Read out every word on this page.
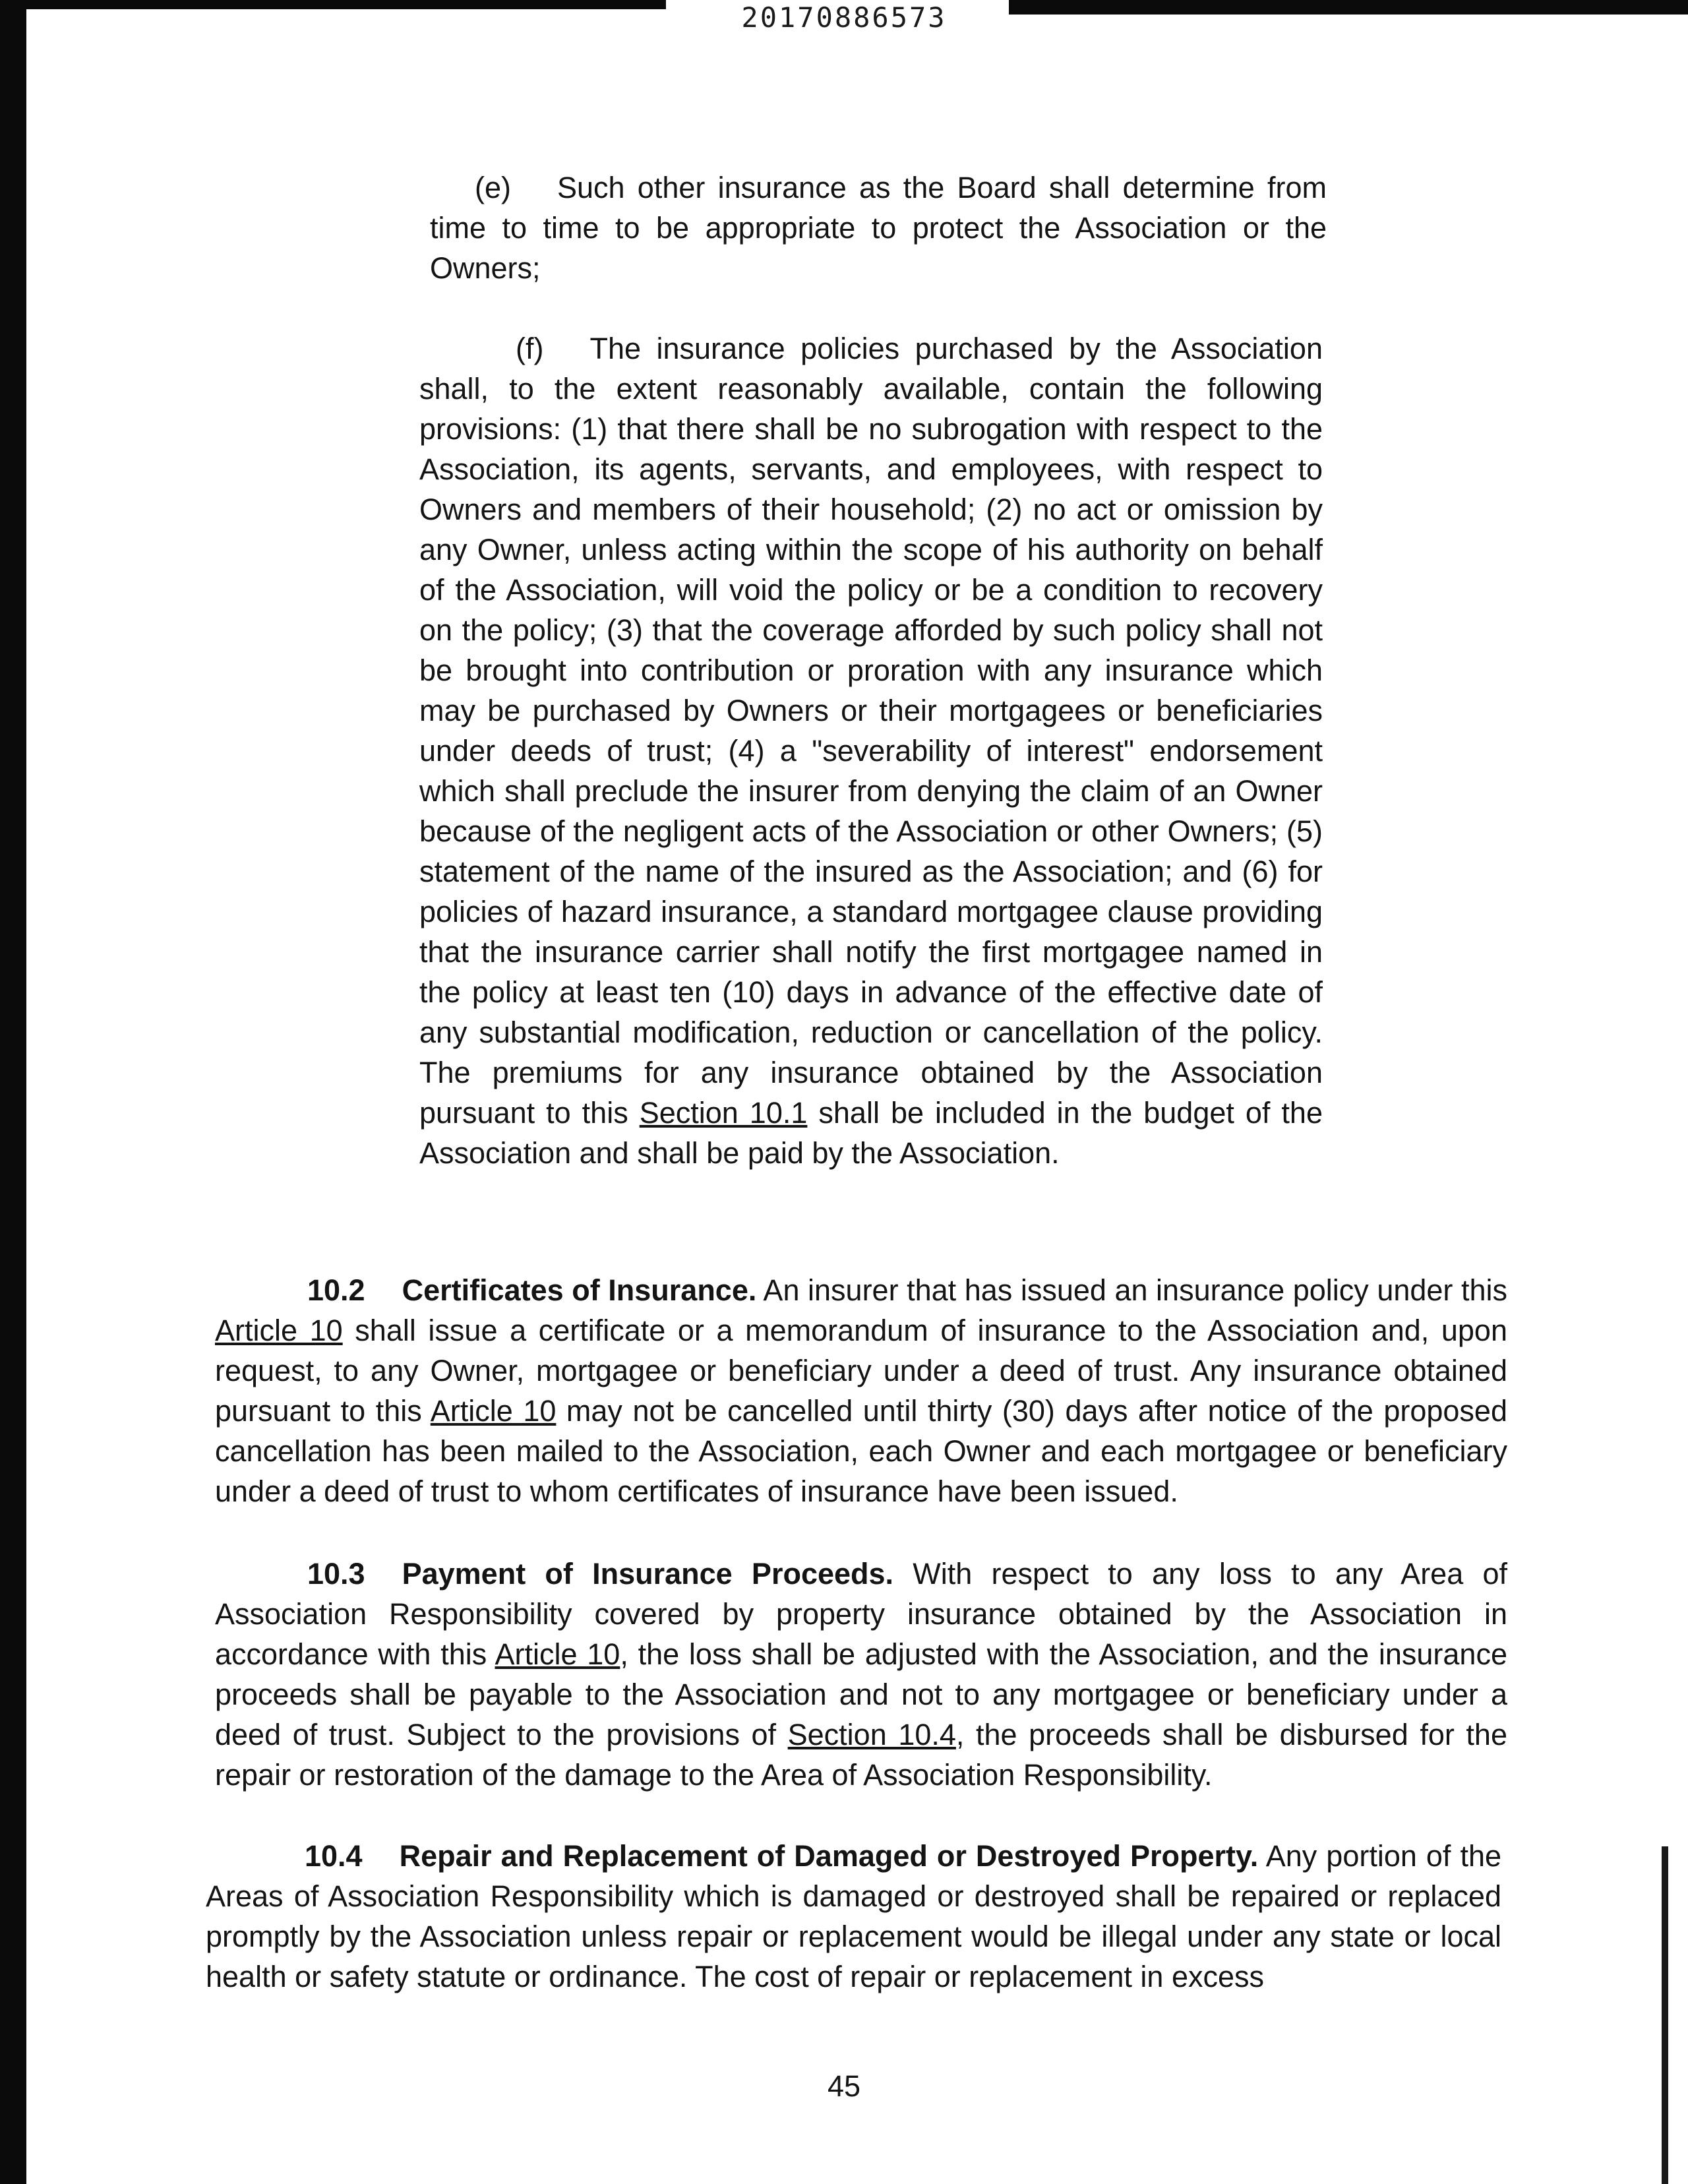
20170886573

(e) Such other insurance as the Board shall determine from time to time to be appropriate to protect the Association or the Owners;

(f) The insurance policies purchased by the Association shall, to the extent reasonably available, contain the following provisions: (1) that there shall be no subrogation with respect to the Association, its agents, servants, and employees, with respect to Owners and members of their household; (2) no act or omission by any Owner, unless acting within the scope of his authority on behalf of the Association, will void the policy or be a condition to recovery on the policy; (3) that the coverage afforded by such policy shall not be brought into contribution or proration with any insurance which may be purchased by Owners or their mortgagees or beneficiaries under deeds of trust; (4) a "severability of interest" endorsement which shall preclude the insurer from denying the claim of an Owner because of the negligent acts of the Association or other Owners; (5) statement of the name of the insured as the Association; and (6) for policies of hazard insurance, a standard mortgagee clause providing that the insurance carrier shall notify the first mortgagee named in the policy at least ten (10) days in advance of the effective date of any substantial modification, reduction or cancellation of the policy. The premiums for any insurance obtained by the Association pursuant to this Section 10.1 shall be included in the budget of the Association and shall be paid by the Association.

10.2 Certificates of Insurance. An insurer that has issued an insurance policy under this Article 10 shall issue a certificate or a memorandum of insurance to the Association and, upon request, to any Owner, mortgagee or beneficiary under a deed of trust. Any insurance obtained pursuant to this Article 10 may not be cancelled until thirty (30) days after notice of the proposed cancellation has been mailed to the Association, each Owner and each mortgagee or beneficiary under a deed of trust to whom certificates of insurance have been issued.

10.3 Payment of Insurance Proceeds. With respect to any loss to any Area of Association Responsibility covered by property insurance obtained by the Association in accordance with this Article 10, the loss shall be adjusted with the Association, and the insurance proceeds shall be payable to the Association and not to any mortgagee or beneficiary under a deed of trust. Subject to the provisions of Section 10.4, the proceeds shall be disbursed for the repair or restoration of the damage to the Area of Association Responsibility.

10.4 Repair and Replacement of Damaged or Destroyed Property. Any portion of the Areas of Association Responsibility which is damaged or destroyed shall be repaired or replaced promptly by the Association unless repair or replacement would be illegal under any state or local health or safety statute or ordinance. The cost of repair or replacement in excess

45
